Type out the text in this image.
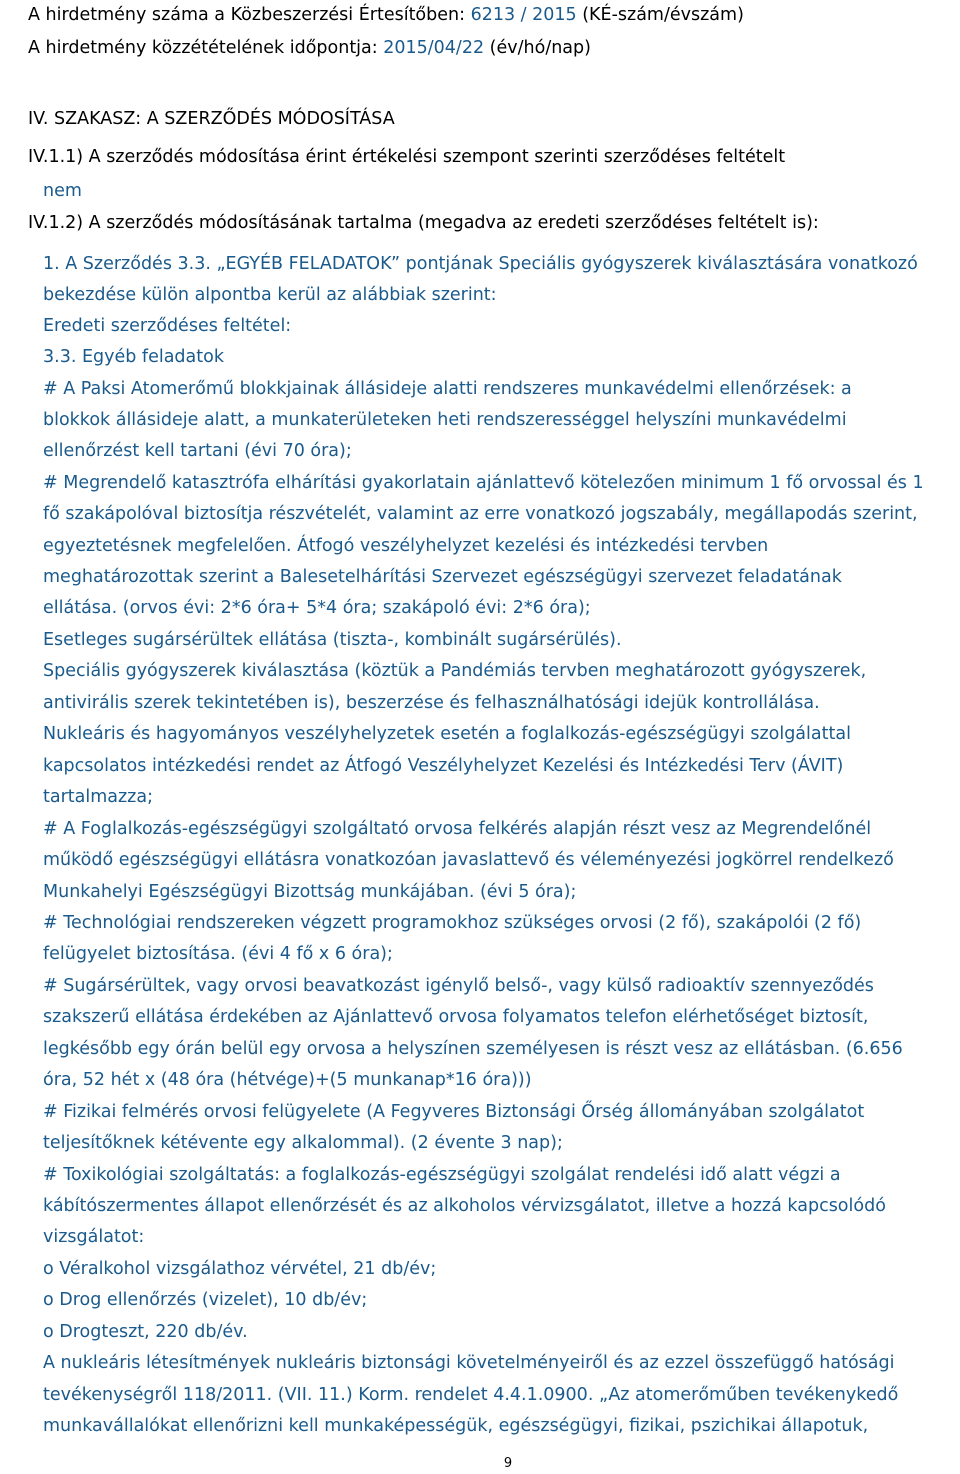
A hirdetmény száma a Közbeszerzési Értesítőben: 6213 / 2015 (KÉ-szám/évszám)
A hirdetmény közzétételének időpontja: 2015/04/22 (év/hó/nap)
IV. SZAKASZ: A SZERZŐDÉS MÓDOSÍTÁSA
IV.1.1) A szerződés módosítása érint értékelési szempont szerinti szerződéses feltételt
nem
IV.1.2) A szerződés módosításának tartalma (megadva az eredeti szerződéses feltételt is):
1. A Szerződés 3.3. „EGYÉB FELADATOK” pontjának Speciális gyógyszerek kiválasztására vonatkozó
bekezdése külön alpontba kerül az alábbiak szerint:
Eredeti szerződéses feltétel:
3.3. Egyéb feladatok
# A Paksi Atomerőmű blokkjainak állásideje alatti rendszeres munkavédelmi ellenőrzések: a
blokkok állásideje alatt, a munkaterületeken heti rendszerességgel helyszíni munkavédelmi
ellenőrzést kell tartani (évi 70 óra);
# Megrendelő katasztrófa elhárítási gyakorlatain ajánlattevő kötelezően minimum 1 fő orvossal és 1
fő szakápolóval biztosítja részvételét, valamint az erre vonatkozó jogszabály, megállapodás szerint,
egyeztetésnek megfelelően. Átfogó veszélyhelyzet kezelési és intézkedési tervben
meghatározottak szerint a Balesetelhárítási Szervezet egészségügyi szervezet feladatának
ellátása. (orvos évi: 2*6 óra+ 5*4 óra; szakápoló évi: 2*6 óra);
Esetleges sugársérültek ellátása (tiszta-, kombinált sugársérülés).
Speciális gyógyszerek kiválasztása (köztük a Pandémiás tervben meghatározott gyógyszerek,
antivirális szerek tekintetében is), beszerzése és felhasználhatósági idejük kontrollálása.
Nukleáris és hagyományos veszélyhelyzetek esetén a foglalkozás-egészségügyi szolgálattal
kapcsolatos intézkedési rendet az Átfogó Veszélyhelyzet Kezelési és Intézkedési Terv (ÁVIT)
tartalmazza;
# A Foglalkozás-egészségügyi szolgáltató orvosa felkérés alapján részt vesz az Megrendelőnél
működő egészségügyi ellátásra vonatkozóan javaslattevő és véleményezési jogkörrel rendelkező
Munkahelyi Egészségügyi Bizottság munkájában. (évi 5 óra);
# Technológiai rendszereken végzett programokhoz szükséges orvosi (2 fő), szakápolói (2 fő)
felügyelet biztosítása. (évi 4 fő x 6 óra);
# Sugársérültek, vagy orvosi beavatkozást igénylő belső-, vagy külső radioaktív szennyeződés
szakszerű ellátása érdekében az Ajánlattevő orvosa folyamatos telefon elérhetőséget biztosít,
legkésőbb egy órán belül egy orvosa a helyszínen személyesen is részt vesz az ellátásban. (6.656
óra, 52 hét x (48 óra (hétvége)+(5 munkanap*16 óra)))
# Fizikai felmérés orvosi felügyelete (A Fegyveres Biztonsági Őrség állományában szolgálatot
teljesítőknek kétévente egy alkalommal). (2 évente 3 nap);
# Toxikológiai szolgáltatás: a foglalkozás-egészségügyi szolgálat rendelési idő alatt végzi a
kábítószermentes állapot ellenőrzését és az alkoholos vérvizsgálatot, illetve a hozzá kapcsolódó
vizsgálatot:
o Véralkohol vizsgálathoz vérvétel, 21 db/év;
o Drog ellenőrzés (vizelet), 10 db/év;
o Drogteszt, 220 db/év.
A nukleáris létesítmények nukleáris biztonsági követelményeiről és az ezzel összefüggő hatósági
tevékenységről 118/2011. (VII. 11.) Korm. rendelet 4.4.1.0900. „Az atomerőműben tevékenykedő
munkavállalókat ellenőrizni kell munkaképességük, egészségügyi, fizikai, pszichikai állapotuk,
9
